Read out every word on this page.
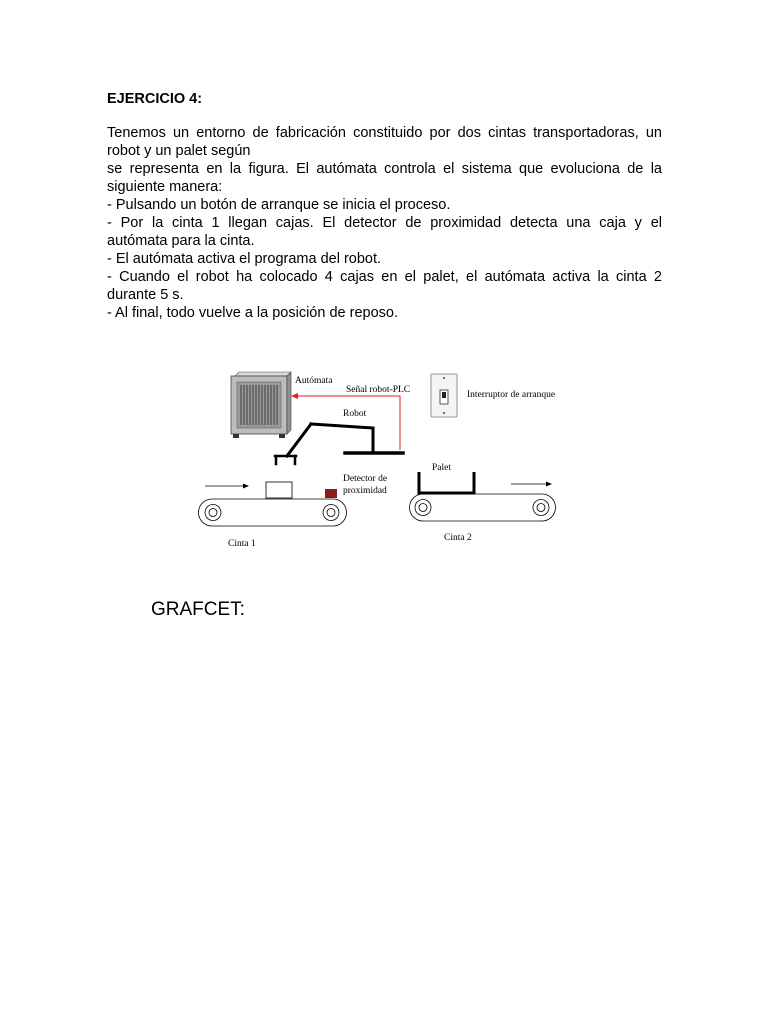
EJERCICIO 4:
Tenemos un entorno de fabricación constituido por dos cintas transportadoras, un
robot y un palet según
se representa en la figura. El autómata controla el sistema que evoluciona de la
siguiente manera:
- Pulsando un botón de arranque se inicia el proceso.
- Por la cinta 1 llegan cajas. El detector de proximidad detecta una caja y el
autómata para la cinta.
- El autómata activa el programa del robot.
- Cuando el robot ha colocado 4 cajas en el palet, el autómata activa la cinta 2
durante 5 s.
- Al final, todo vuelve a la posición de reposo.
Autómata
Señal robot-PLC
Robot
Interruptor de arranque
Detector de
proximidad
Cinta 1
Palet
Cinta 2
GRAFCET:
